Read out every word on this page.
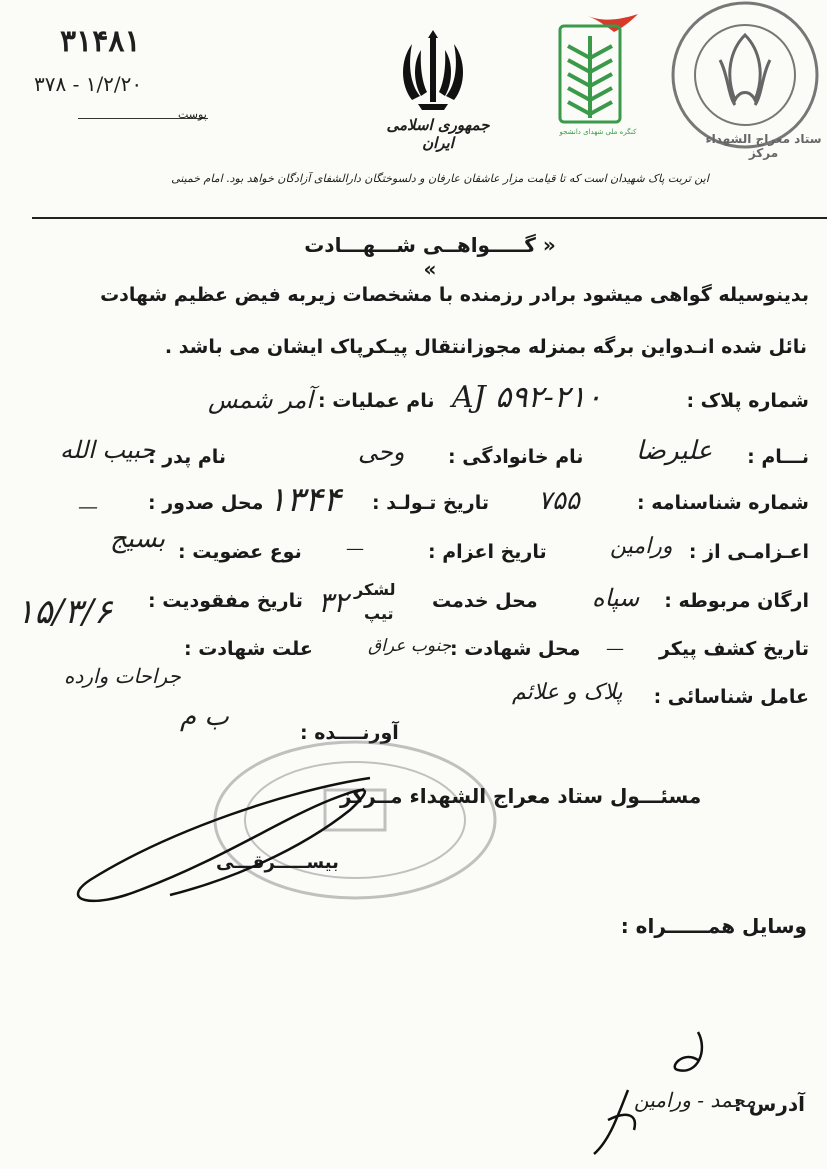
۳۱۴۸۱
۳۷۸ - ۱/۲/۲۰
پوست
جمهوری اسلامی ایران
کنگره ملی شهدای دانشجو	ستاد معراج الشهداء مرکز
این تربت پاک شهیدان است که تا قیامت مزار عاشقان عارفان و دلسوختگان دارالشفای آزادگان خواهد بود. امام خمینی
« گـــــواهــی شـــهـــادت »
بدینوسیله گواهی میشود برادر رزمنده با مشخصات زیربه فیض عظیم شهادت
نائل شده انـدواین برگه بمنزله مجوزانتقال پیـکرپاک ایشان می باشد .
شماره پلاک :
AJ ۵۹۲-۲۱۰
نام عملیات :
آمر شمس
نـــام :
علیرضا
نام خانوادگی :
وحی
نام پدر :
حبیب الله
شماره شناسنامه :
۷۵۵
تاریخ تـولـد :
۱۳۴۴
محل صدور :
—
اعـزامـی از :
ورامین
تاریخ اعزام :
—
نوع عضویت :
بسیج
ارگان مربوطه :
سپاه
محل خدمت
لشکر
۳۲ تیپ
تاریخ مفقودیت :
۱۵/۳/۶
تاریخ کشف پیکر
—
محل شهادت :
جنوب عراق
علت شهادت :
جراحات وارده
عامل شناسائی :
پلاک و علائم
آورنــــده :
ب م
مسئـــول ستاد معراج الشهداء مــرکز
بیســـــرقـــی
وسایل همــــــراه :
آدرس :
محمد - ورامین
